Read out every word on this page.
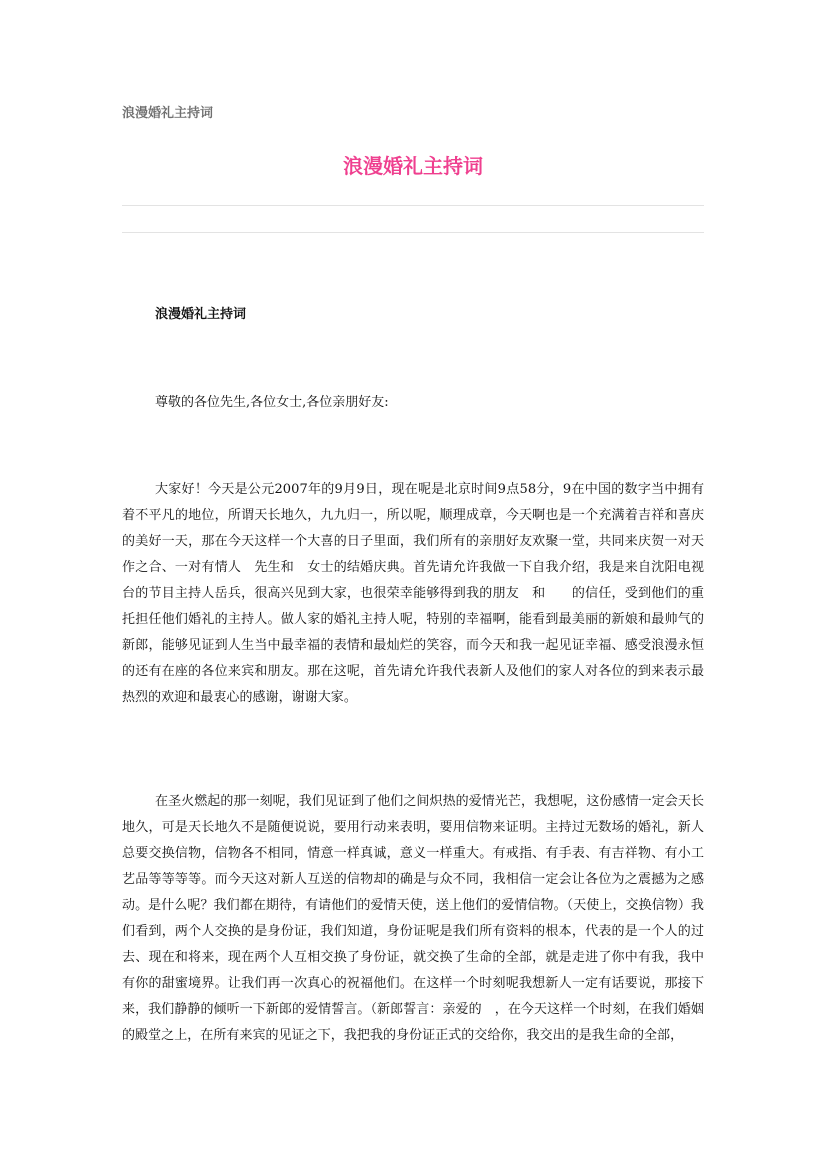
浪漫婚礼主持词
浪漫婚礼主持词
浪漫婚礼主持词
尊敬的各位先生,各位女士,各位亲朋好友:

大家好！今天是公元2007年的9月9日，现在呢是北京时间9点58分，9在中国的数字当中拥有着不平凡的地位，所谓天长地久，九九归一，所以呢，顺理成章，今天啊也是一个充满着吉祥和喜庆的美好一天，那在今天这样一个大喜的日子里面，我们所有的亲朋好友欢聚一堂，共同来庆贺一对天作之合、一对有情人　先生和　女士的结婚庆典。首先请允许我做一下自我介绍，我是来自沈阳电视台的节目主持人岳兵，很高兴见到大家，也很荣幸能够得到我的朋友　和　　的信任，受到他们的重托担任他们婚礼的主持人。做人家的婚礼主持人呢，特别的幸福啊，能看到最美丽的新娘和最帅气的新郎，能够见证到人生当中最幸福的表情和最灿烂的笑容，而今天和我一起见证幸福、感受浪漫永恒的还有在座的各位来宾和朋友。那在这呢，首先请允许我代表新人及他们的家人对各位的到来表示最热烈的欢迎和最衷心的感谢，谢谢大家。

在圣火燃起的那一刻呢，我们见证到了他们之间炽热的爱情光芒，我想呢，这份感情一定会天长地久，可是天长地久不是随便说说，要用行动来表明，要用信物来证明。主持过无数场的婚礼，新人总要交换信物，信物各不相同，情意一样真诚，意义一样重大。有戒指、有手表、有吉祥物、有小工艺品等等等等。而今天这对新人互送的信物却的确是与众不同，我相信一定会让各位为之震撼为之感动。是什么呢？我们都在期待，有请他们的爱情天使，送上他们的爱情信物。（天使上，交换信物）我们看到，两个人交换的是身份证，我们知道，身份证呢是我们所有资料的根本，代表的是一个人的过去、现在和将来，现在两个人互相交换了身份证，就交换了生命的全部，就是走进了你中有我，我中有你的甜蜜境界。让我们再一次真心的祝福他们。在这样一个时刻呢我想新人一定有话要说，那接下来，我们静静的倾听一下新郎的爱情誓言。（新郎誓言：亲爱的　，在今天这样一个时刻，在我们婚姻的殿堂之上，在所有来宾的见证之下，我把我的身份证正式的交给你，我交出的是我生命的全部，
